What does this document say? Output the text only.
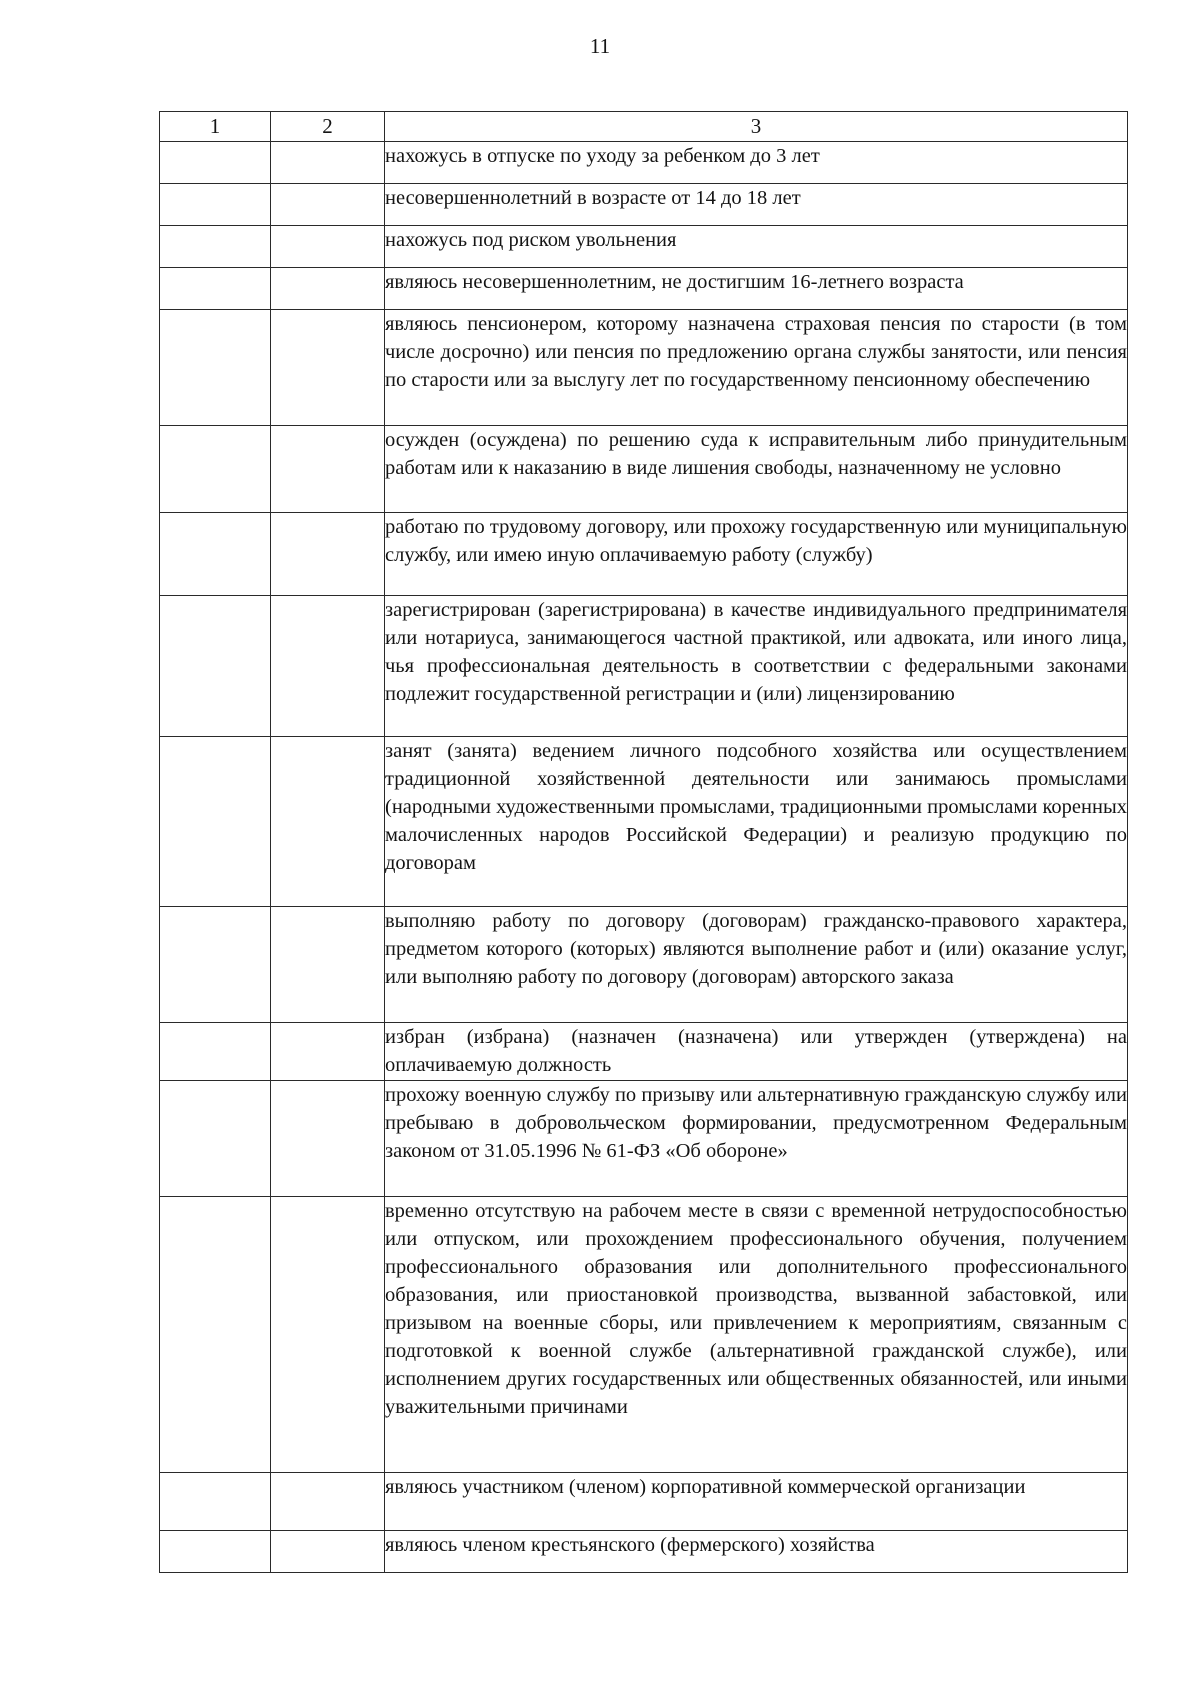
11
1	2	3
		нахожусь в отпуске по уходу за ребенком до 3 лет
		несовершеннолетний в возрасте от 14 до 18 лет
		нахожусь под риском увольнения
		являюсь несовершеннолетним, не достигшим 16-летнего возраста
		являюсь пенсионером, которому назначена страховая пенсия по старости (в том числе досрочно) или пенсия по предложению органа службы занятости, или пенсия по старости или за выслугу лет по государственному пенсионному обеспечению
		осужден (осуждена) по решению суда к исправительным либо принудительным работам или к наказанию в виде лишения свободы, назначенному не условно
		работаю по трудовому договору, или прохожу государственную или муниципальную службу, или имею иную оплачиваемую работу (службу)
		зарегистрирован (зарегистрирована) в качестве индивидуального предпринимателя или нотариуса, занимающегося частной практикой, или адвоката, или иного лица, чья профессиональная деятельность в соответствии с федеральными законами подлежит государственной регистрации и (или) лицензированию
		занят (занята) ведением личного подсобного хозяйства или осуществлением традиционной хозяйственной деятельности или занимаюсь промыслами (народными художественными промыслами, традиционными промыслами коренных малочисленных народов Российской Федерации) и реализую продукцию по договорам
		выполняю работу по договору (договорам) гражданско-правового характера, предметом которого (которых) являются выполнение работ и (или) оказание услуг, или выполняю работу по договору (договорам) авторского заказа
		избран (избрана) (назначен (назначена) или утвержден (утверждена) на оплачиваемую должность
		прохожу военную службу по призыву или альтернативную гражданскую службу или пребываю в добровольческом формировании, предусмотренном Федеральным законом от 31.05.1996 № 61-ФЗ «Об обороне»
		временно отсутствую на рабочем месте в связи с временной нетрудоспособностью или отпуском, или прохождением профессионального обучения, получением профессионального образования или дополнительного профессионального образования, или приостановкой производства, вызванной забастовкой, или призывом на военные сборы, или привлечением к мероприятиям, связанным с подготовкой к военной службе (альтернативной гражданской службе), или исполнением других государственных или общественных обязанностей, или иными уважительными причинами
		являюсь участником (членом) корпоративной коммерческой организации
		являюсь членом крестьянского (фермерского) хозяйства
